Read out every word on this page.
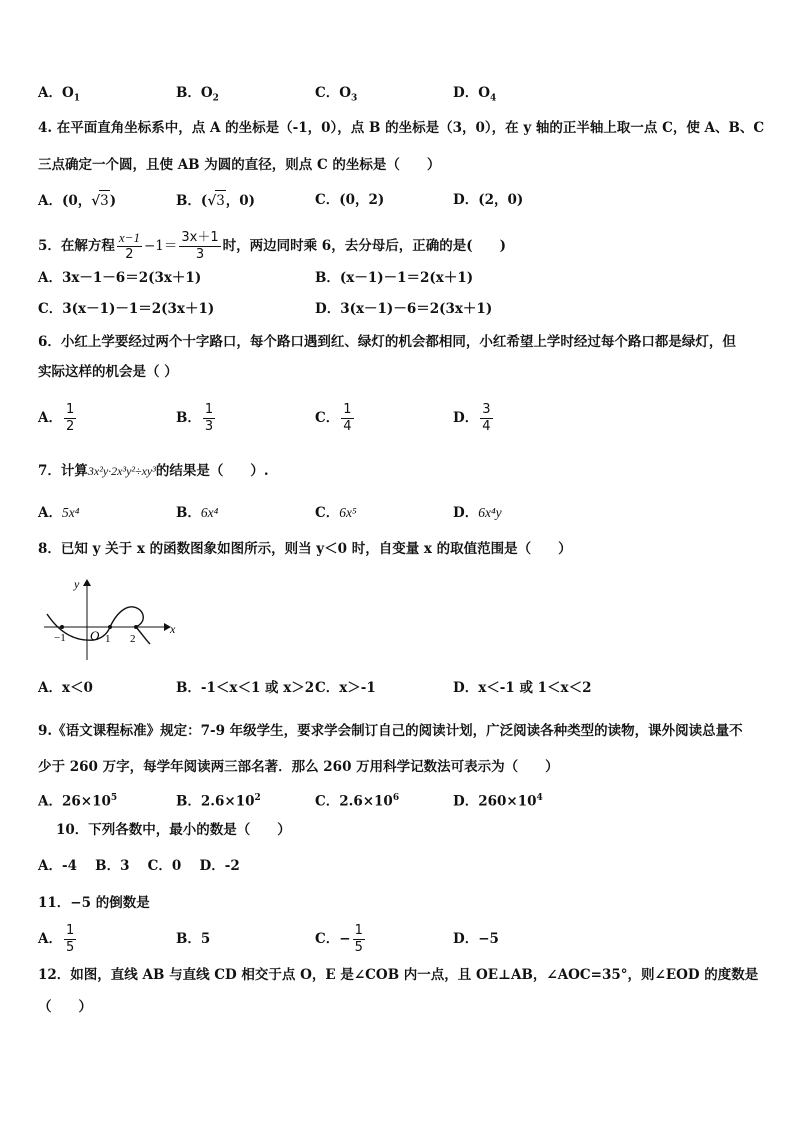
A．$O_1$	B．$O_2$	C．$O_3$	D．$O_4$
4. 在平面直角坐标系中，点 A 的坐标是（-1，0），点 B 的坐标是（3，0），在 y 轴的正半轴上取一点 C，使 A、B、C
三点确定一个圆，且使 AB 为圆的直径，则点 C 的坐标是（　　）
A．(0，√3)	B．(√3，0)	C．(0，2)	D．(2，0)
5．在解方程 $\frac{x-1}{2} -1= \frac{3x+1}{3}$ 时，两边同时乘 6，去分母后，正确的是(　　)
A．3x－1－6＝2(3x＋1)	B．(x－1)－1＝2(x＋1)
C．3(x－1)－1＝2(3x＋1)	D．3(x－1)－6＝2(3x＋1)
6．小红上学要经过两个十字路口，每个路口遇到红、绿灯的机会都相同，小红希望上学时经过每个路口都是绿灯，但
实际这样的机会是（ ）
A． $\frac{1}{2}$	B． $\frac{1}{3}$	C． $\frac{1}{4}$	D． $\frac{3}{4}$
7．计算3x²y·2x³y²÷xy³的结果是（　　）.
A．5x⁴	B．6x⁴	C．6x⁵	D．6x⁴y
8．已知 y 关于 x 的函数图象如图所示，则当 y＜0 时，自变量 x 的取值范围是（　　）
y
x
O
−1	1 2
A．x＜0	B．-1＜x＜1 或 x＞2 C．x＞-1	D．x＜-1 或 1＜x＜2
9.《语文课程标准》规定：7-9 年级学生，要求学会制订自己的阅读计划，广泛阅读各种类型的读物，课外阅读总量不
少于 260 万字，每学年阅读两三部名著．那么 260 万用科学记数法可表示为（　　）
A．$26\times 10^5$	B．$2.6\times 10^2$	C．$2.6\times 10^6$	D．$260\times 10^4$
10．下列各数中，最小的数是（　　）
A．-4　 B．3　 C．0　 D．-2
11．−5 的倒数是
A． $\frac{1}{5}$	B．5	C．− $\frac{1}{5}$	D．−5
12．如图，直线 AB 与直线 CD 相交于点 O，E 是∠COB 内一点，且 OE⊥AB，∠AOC=35°，则∠EOD 的度数是
（　　）
